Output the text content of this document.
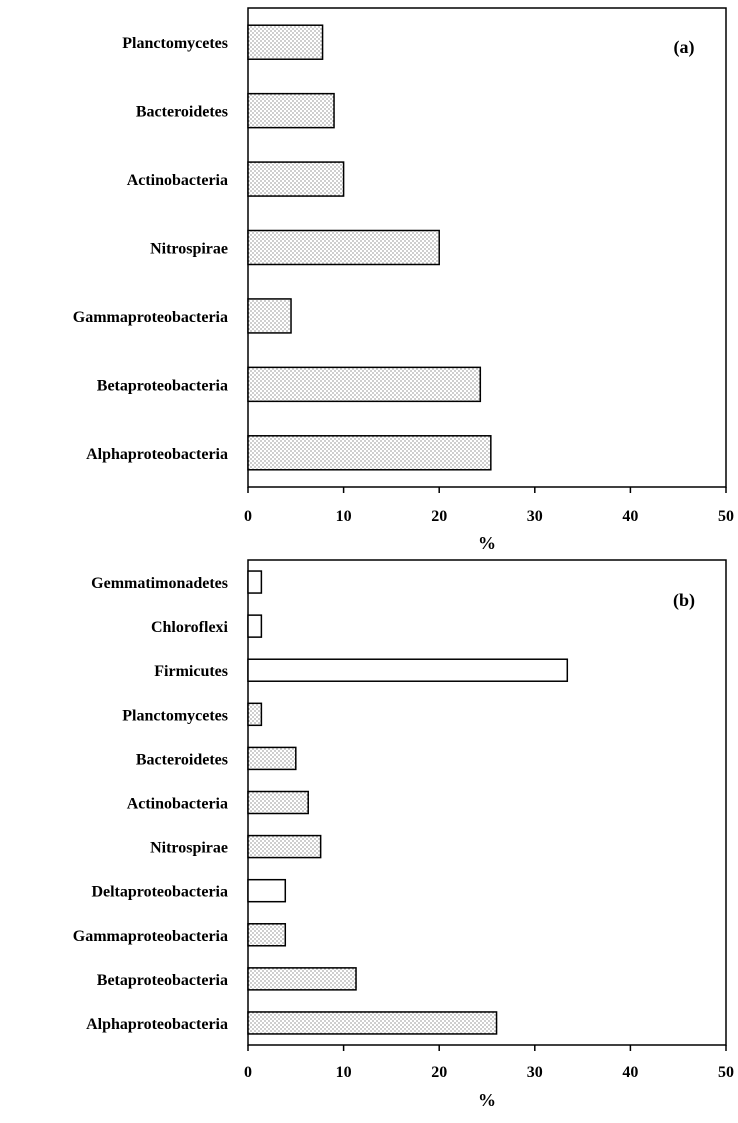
Planctomycetes
Bacteroidetes
Actinobacteria
Nitrospirae
Gammaproteobacteria
Betaproteobacteria
Alphaproteobacteria
0	10	20	30	40	50
%
(a)
Gemmatimonadetes
Chloroflexi
Firmicutes
Planctomycetes
Bacteroidetes
Actinobacteria
Nitrospirae
Deltaproteobacteria
Gammaproteobacteria
Betaproteobacteria
Alphaproteobacteria
0	10	20	30	40	50
%
(b)
